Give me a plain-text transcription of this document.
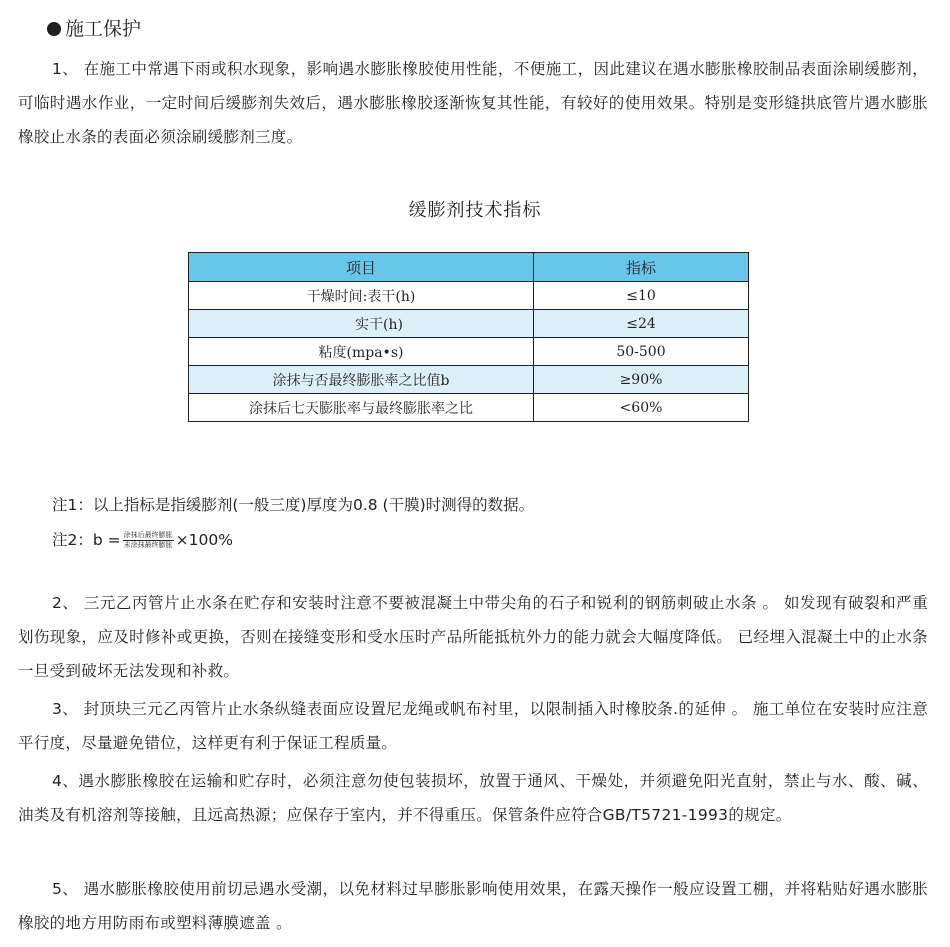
施工保护

1、 在施工中常遇下雨或积水现象，影响遇水膨胀橡胶使用性能，不便施工，因此建议在遇水膨胀橡胶制品表面涂刷缓膨剂，可临时遇水作业，一定时间后缓膨剂失效后，遇水膨胀橡胶逐渐恢复其性能，有较好的使用效果。特别是变形缝拱底管片遇水膨胀橡胶止水条的表面必须涂刷缓膨剂三度。

缓膨剂技术指标
项目	指标
干燥时间:表干(h)	≤10
实干(h)	≤24
粘度(mpa•s)	50-500
涂抹与否最终膨胀率之比值b	≥90%
涂抹后七天膨胀率与最终膨胀率之比	<60%
注1：以上指标是指缓膨剂(一般三度)厚度为0.8 (干膜)时测得的数据。
注2：$b = \frac{\text{涂抹后最终膨胀}}{\text{未涂抹最终膨胀}} \times 100\%$

2、 三元乙丙管片止水条在贮存和安装时注意不要被混凝土中带尖角的石子和锐利的钢筋刺破止水条 。 如发现有破裂和严重划伤现象，应及时修补或更换，否则在接缝变形和受水压时产品所能抵杭外力的能力就会大幅度降低。 已经埋入混凝土中的止水条一旦受到破坏无法发现和补救。

3、 封顶块三元乙丙管片止水条纵缝表面应设置尼龙绳或帆布衬里，以限制插入时橡胶条.的延伸 。 施工单位在安装时应注意平行度，尽量避免错位，这样更有利于保证工程质量。

4、遇水膨胀橡胶在运输和贮存时，必须注意勿使包装损坏，放置于通风、干燥处，并须避免阳光直射，禁止与水、酸、碱、油类及有机溶剂等接触，且远高热源；应保存于室内，并不得重压。保管条件应符合GB/T5721-1993的规定。

5、 遇水膨胀橡胶使用前切忌遇水受潮，以免材料过早膨胀影响使用效果，在露天操作一般应设置工棚，并将粘贴好遇水膨胀橡胶的地方用防雨布或塑料薄膜遮盖 。
